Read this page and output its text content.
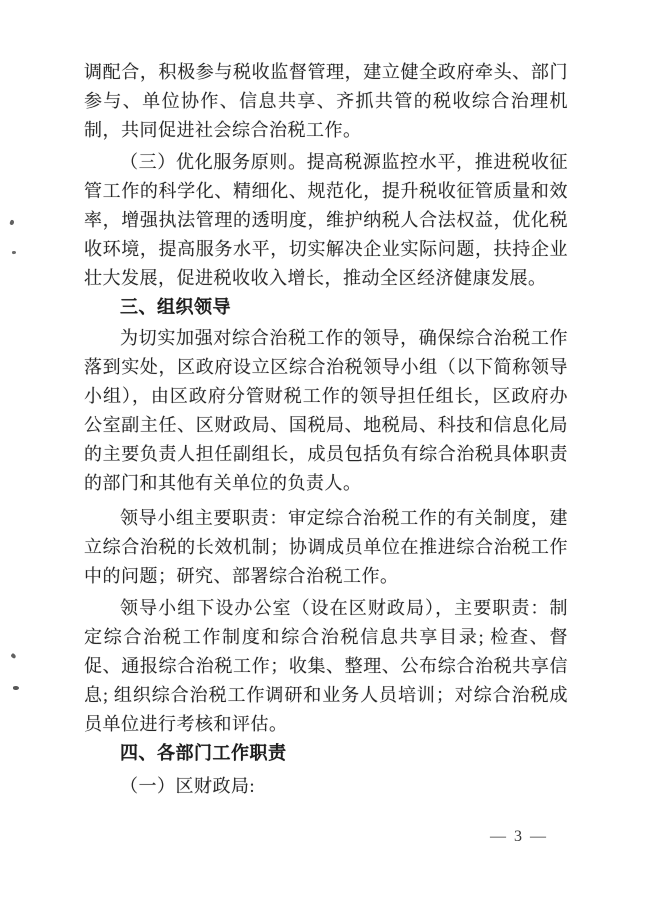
调配合，积极参与税收监督管理，建立健全政府牵头、部门参与、单位协作、信息共享、齐抓共管的税收综合治理机制，共同促进社会综合治税工作。

（三）优化服务原则。提高税源监控水平，推进税收征管工作的科学化、精细化、规范化，提升税收征管质量和效率，增强执法管理的透明度，维护纳税人合法权益，优化税收环境，提高服务水平，切实解决企业实际问题，扶持企业壮大发展，促进税收收入增长，推动全区经济健康发展。

三、组织领导

为切实加强对综合治税工作的领导，确保综合治税工作落到实处，区政府设立区综合治税领导小组（以下简称领导小组），由区政府分管财税工作的领导担任组长，区政府办公室副主任、区财政局、国税局、地税局、科技和信息化局的主要负责人担任副组长，成员包括负有综合治税具体职责的部门和其他有关单位的负责人。

领导小组主要职责：审定综合治税工作的有关制度，建立综合治税的长效机制；协调成员单位在推进综合治税工作中的问题；研究、部署综合治税工作。

领导小组下设办公室（设在区财政局），主要职责：制定综合治税工作制度和综合治税信息共享目录; 检查、督促、通报综合治税工作；收集、整理、公布综合治税共享信息; 组织综合治税工作调研和业务人员培训；对综合治税成员单位进行考核和评估。

四、各部门工作职责

（一）区财政局:

— 3 —
